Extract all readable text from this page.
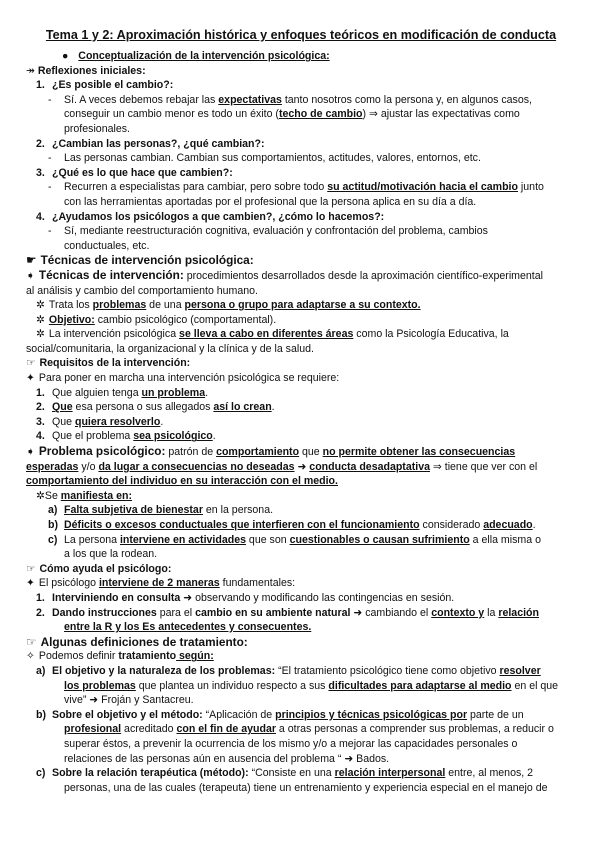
Tema 1 y 2: Aproximación histórica y enfoques teóricos en modificación de conducta
● Conceptualización de la intervención psicológica:
↠ Reflexiones iniciales:
1. ¿Es posible el cambio?:
- Sí. A veces debemos rebajar las expectativas tanto nosotros como la persona y, en algunos casos,
conseguir un cambio menor es todo un éxito (techo de cambio) ⇒ ajustar las expectativas como
profesionales.
2. ¿Cambian las personas?, ¿qué cambian?:
- Las personas cambian. Cambian sus comportamientos, actitudes, valores, entornos, etc.
3. ¿Qué es lo que hace que cambien?:
- Recurren a especialistas para cambiar, pero sobre todo su actitud/motivación hacia el cambio junto
con las herramientas aportadas por el profesional que la persona aplica en su día a día.
4. ¿Ayudamos los psicólogos a que cambien?, ¿cómo lo hacemos?:
- Sí, mediante reestructuración cognitiva, evaluación y confrontación del problema, cambios
conductuales, etc.
☛ Técnicas de intervención psicológica:
➧ Técnicas de intervención: procedimientos desarrollados desde la aproximación científico-experimental
al análisis y cambio del comportamiento humano.
✲ Trata los problemas de una persona o grupo para adaptarse a su contexto.
✲ Objetivo: cambio psicológico (comportamental).
✲ La intervención psicológica se lleva a cabo en diferentes áreas como la Psicología Educativa, la
social/comunitaria, la organizacional y la clínica y de la salud.
☞ Requisitos de la intervención:
✦ Para poner en marcha una intervención psicológica se requiere:
1. Que alguien tenga un problema.
2. Que esa persona o sus allegados así lo crean.
3. Que quiera resolverlo.
4. Que el problema sea psicológico.
➧ Problema psicológico: patrón de comportamiento que no permite obtener las consecuencias
esperadas y/o da lugar a consecuencias no deseadas ➜ conducta desadaptativa ⇒ tiene que ver con el
comportamiento del individuo en su interacción con el medio.
✲Se manifiesta en:
a) Falta subjetiva de bienestar en la persona.
b) Déficits o excesos conductuales que interfieren con el funcionamiento considerado adecuado.
c) La persona interviene en actividades que son cuestionables o causan sufrimiento a ella misma o
a los que la rodean.
☞ Cómo ayuda el psicólogo:
✦ El psicólogo interviene de 2 maneras fundamentales:
1. Interviniendo en consulta ➜ observando y modificando las contingencias en sesión.
2. Dando instrucciones para el cambio en su ambiente natural ➜ cambiando el contexto y la relación
entre la R y los Es antecedentes y consecuentes.
☞ Algunas definiciones de tratamiento:
✧ Podemos definir tratamiento según:
a) El objetivo y la naturaleza de los problemas: “El tratamiento psicológico tiene como objetivo resolver
los problemas que plantea un individuo respecto a sus dificultades para adaptarse al medio en el que
vive” ➜ Froján y Santacreu.
b) Sobre el objetivo y el método: “Aplicación de principios y técnicas psicológicas por parte de un
profesional acreditado con el fin de ayudar a otras personas a comprender sus problemas, a reducir o
superar éstos, a prevenir la ocurrencia de los mismo y/o a mejorar las capacidades personales o
relaciones de las personas aún en ausencia del problema “ ➜ Bados.
c) Sobre la relación terapéutica (método): “Consiste en una relación interpersonal entre, al menos, 2
personas, una de las cuales (terapeuta) tiene un entrenamiento y experiencia especial en el manejo de
